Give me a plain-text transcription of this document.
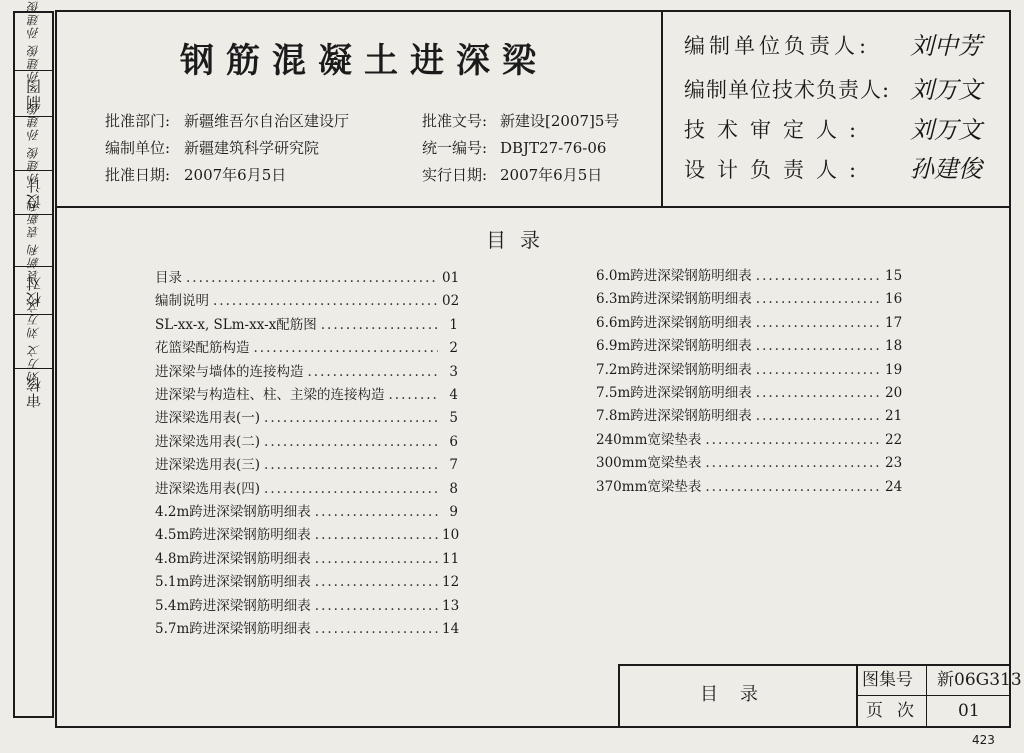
孙建俊 孙建俊
制图
孙建俊 孙建俊
设计
袁新利 袁新利
校对
刘万文 刘万文
审核
钢筋混凝土进深梁
批准部门: 新疆维吾尔自治区建设厅
编制单位: 新疆建筑科学研究院
批准日期: 2007年6月5日
批准文号: 新建设[2007]5号
统一编号: DBJT27-76-06
实行日期: 2007年6月5日
编制单位负责人: 刘中芳
编制单位技术负责人: 刘万文
技术审定人: 刘万文
设计负责人: 孙建俊
目录
目录 .....	01
编制说明 .....	02
SL-xx-x, SLm-xx-x配筋图 .....	1
花篮梁配筋构造 .....	2
进深梁与墙体的连接构造 .....	3
进深梁与构造柱、柱、主梁的连接构造 .....	4
进深梁选用表(一) .....	5
进深梁选用表(二) .....	6
进深梁选用表(三) .....	7
进深梁选用表(四) .....	8
4.2m跨进深梁钢筋明细表 .....	9
4.5m跨进深梁钢筋明细表 .....	10
4.8m跨进深梁钢筋明细表 .....	11
5.1m跨进深梁钢筋明细表 .....	12
5.4m跨进深梁钢筋明细表 .....	13
5.7m跨进深梁钢筋明细表 .....	14
6.0m跨进深梁钢筋明细表 .....	15
6.3m跨进深梁钢筋明细表 .....	16
6.6m跨进深梁钢筋明细表 .....	17
6.9m跨进深梁钢筋明细表 .....	18
7.2m跨进深梁钢筋明细表 .....	19
7.5m跨进深梁钢筋明细表 .....	20
7.8m跨进深梁钢筋明细表 .....	21
240mm宽梁垫表 .....	22
300mm宽梁垫表 .....	23
370mm宽梁垫表 .....	24
目录
图集号 新06G313
页次 01
423
